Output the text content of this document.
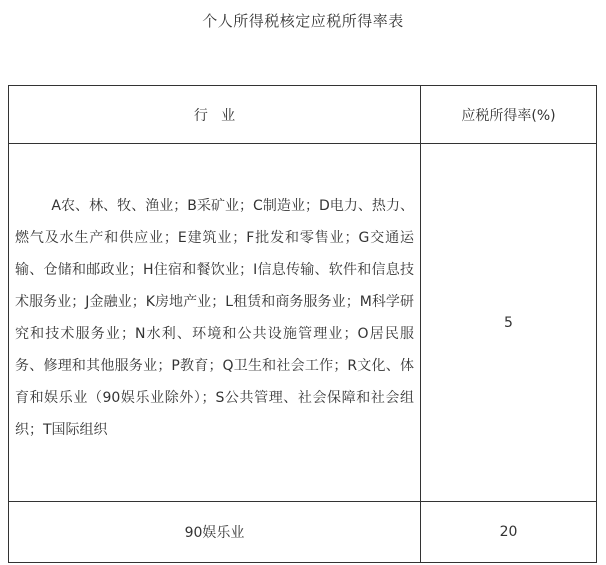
个人所得税核定应税所得率表
行   业	应税所得率(%)

A农、林、牧、渔业；B采矿业；C制造业；D电力、热力、燃气及水生产和供应业；E建筑业；F批发和零售业；G交通运输、仓储和邮政业；H住宿和餐饮业；I信息传输、软件和信息技术服务业；J金融业；K房地产业；L租赁和商务服务业；M科学研究和技术服务业；N水利、环境和公共设施管理业；O居民服务、修理和其他服务业；P教育；Q卫生和社会工作；R文化、体育和娱乐业（90娱乐业除外）；S公共管理、社会保障和社会组织；T国际组织	5
90娱乐业	20
